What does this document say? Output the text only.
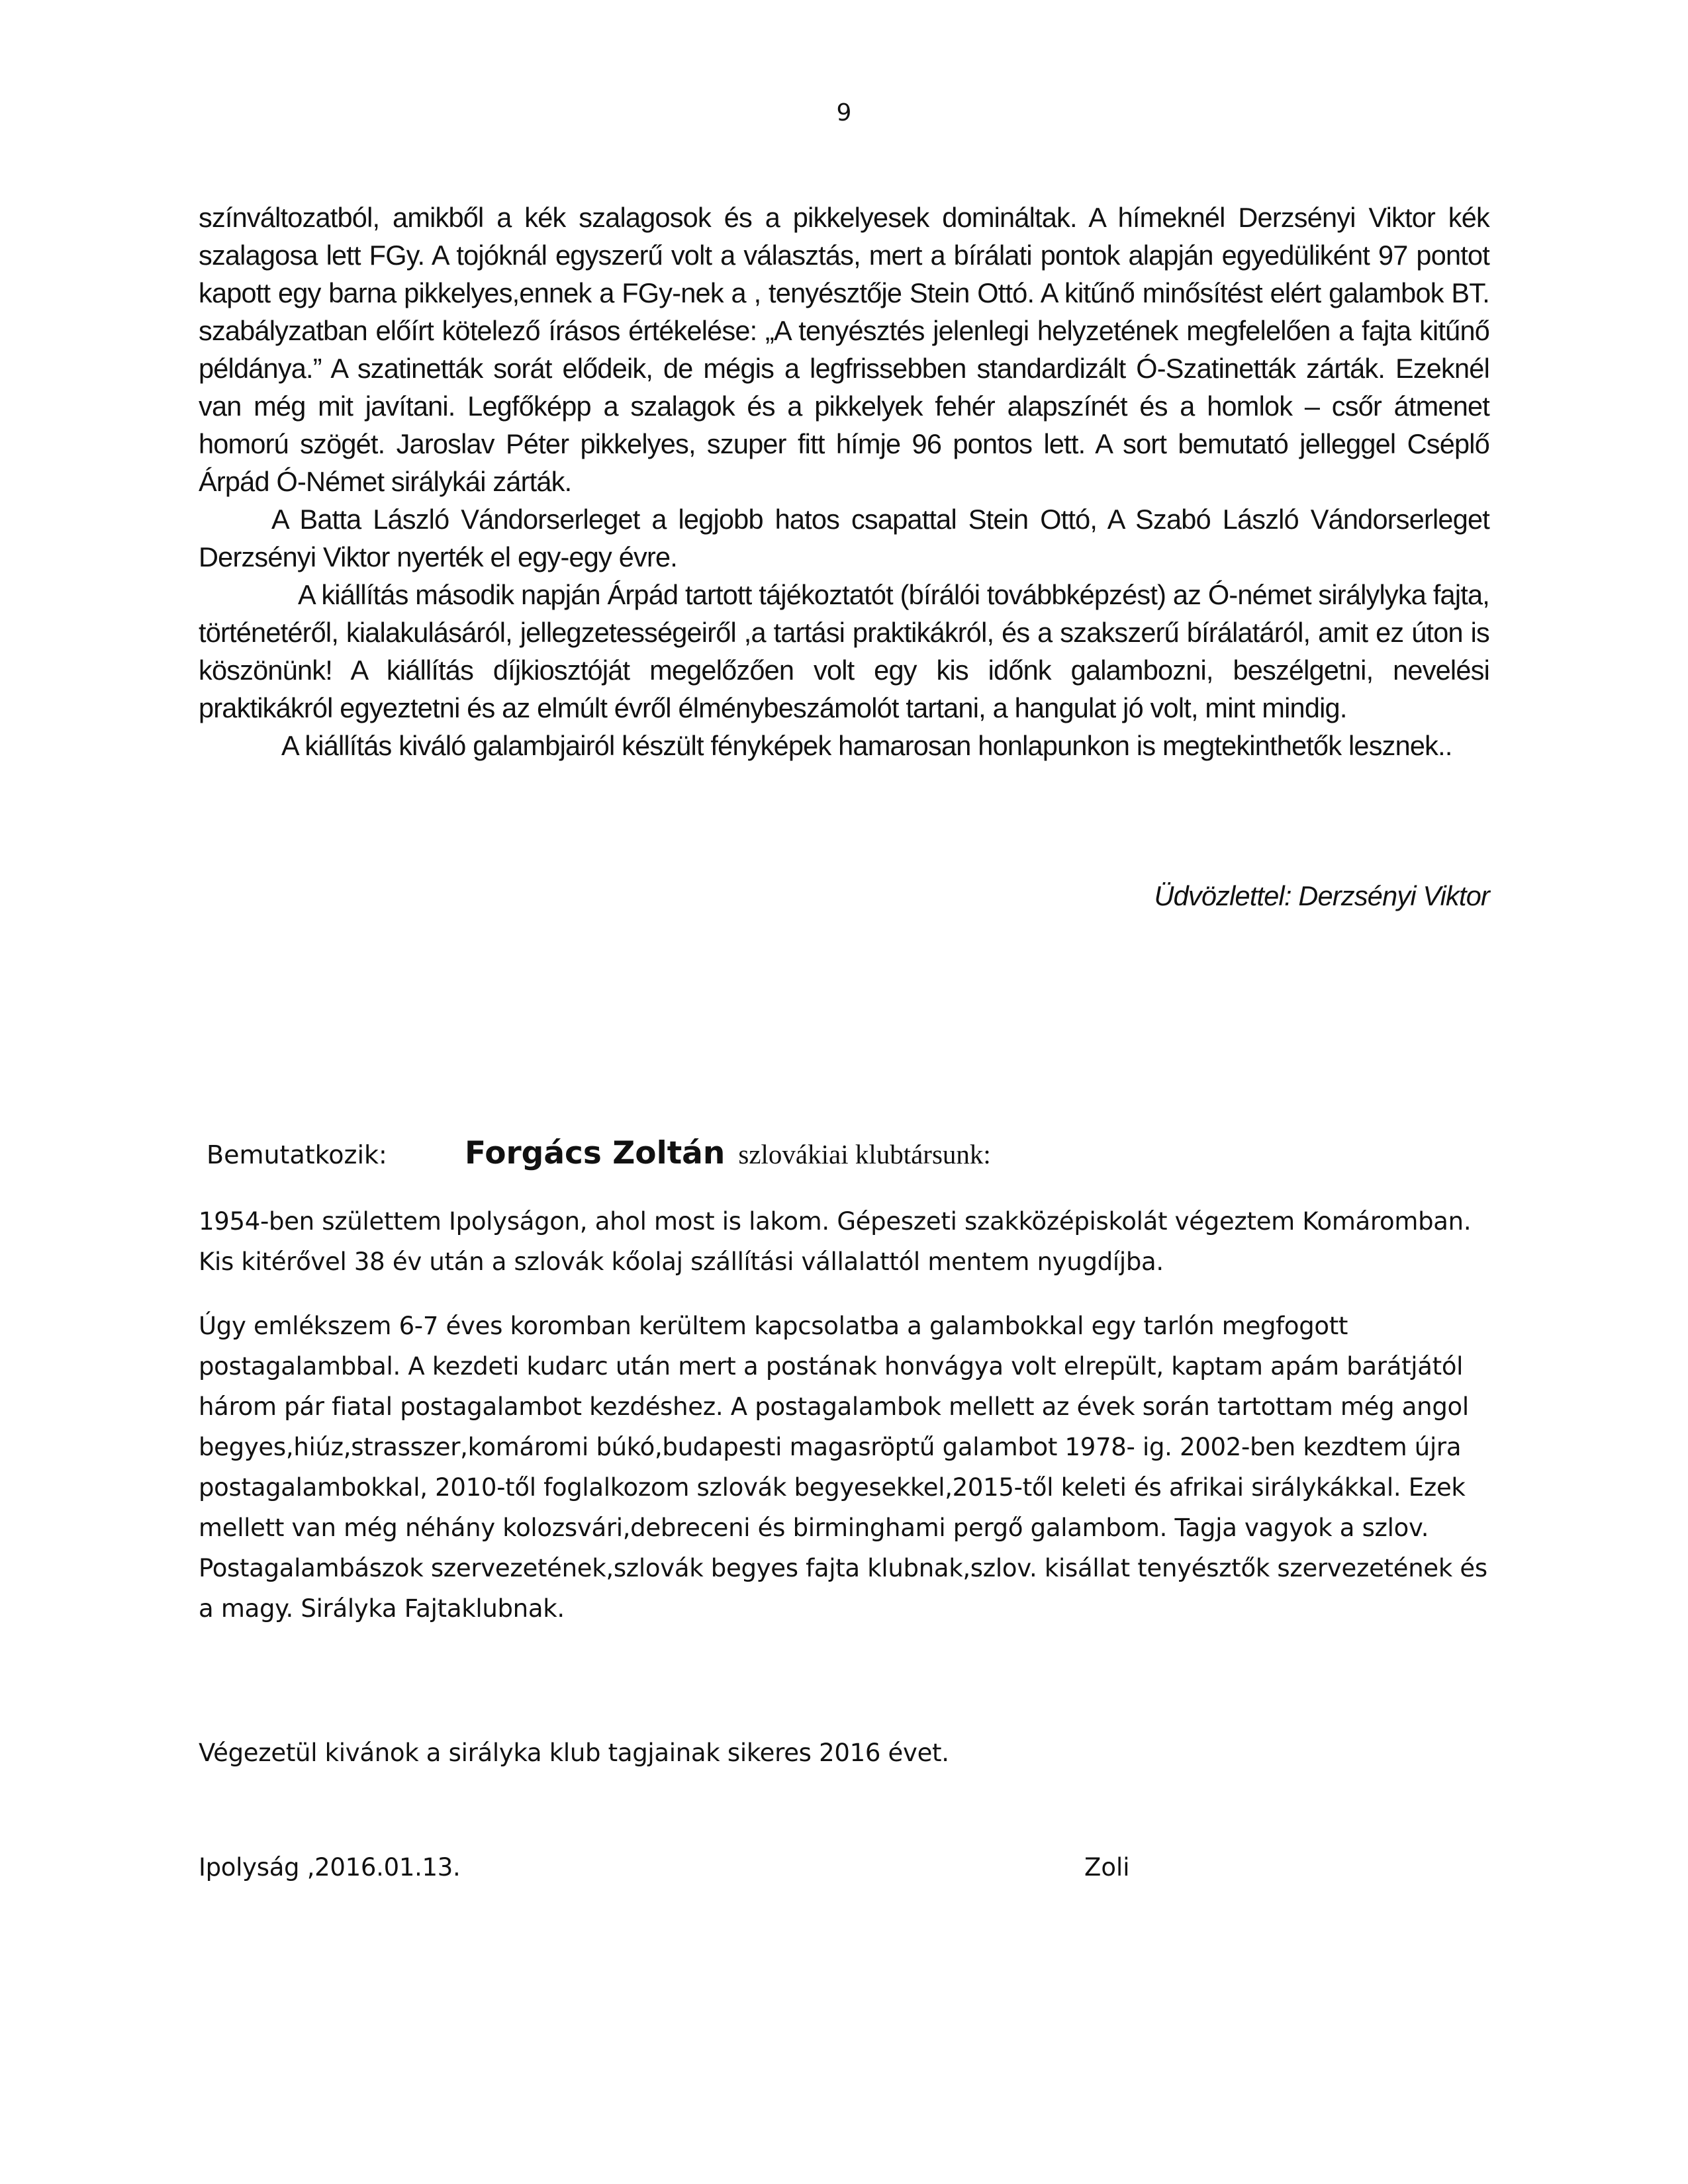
9

színváltozatból, amikből a kék szalagosok és a pikkelyesek domináltak. A hímeknél Derzsényi Viktor kék szalagosa lett FGy. A tojóknál egyszerű volt a választás, mert a bírálati pontok alapján egyedüliként 97 pontot kapott egy barna pikkelyes,ennek a FGy-nek a , tenyésztője Stein Ottó. A kitűnő minősítést elért galambok BT. szabályzatban előírt kötelező írásos értékelése: „A tenyésztés jelenlegi helyzetének megfelelően a fajta kitűnő példánya.” A szatinetták sorát elődeik, de mégis a legfrissebben standardizált Ó-Szatinetták zárták. Ezeknél van még mit javítani. Legfőképp a szalagok és a pikkelyek fehér alapszínét és a homlok – csőr átmenet homorú szögét. Jaroslav Péter pikkelyes, szuper fitt hímje 96 pontos lett. A sort bemutató jelleggel Cséplő Árpád Ó-Német sirálykái zárták.

A Batta László Vándorserleget a legjobb hatos csapattal Stein Ottó, A Szabó László Vándorserleget Derzsényi Viktor nyerték el egy-egy évre.

A kiállítás második napján Árpád tartott tájékoztatót (bírálói továbbképzést) az Ó-német sirálylyka fajta, történetéről, kialakulásáról, jellegzetességeiről ,a tartási praktikákról, és a szakszerű bírálatáról, amit ez úton is köszönünk! A kiállítás díjkiosztóját megelőzően volt egy kis időnk galambozni, beszélgetni, nevelési praktikákról egyeztetni és az elmúlt évről élménybeszámolót tartani, a hangulat jó volt, mint mindig.

A kiállítás kiváló galambjairól készült fényképek hamarosan honlapunkon is megtekinthetők lesznek..

Üdvözlettel: Derzsényi Viktor
Bemutatkozik: Forgács Zoltán szlovákiai klubtársunk:

1954-ben születtem Ipolyságon, ahol most is lakom. Gépeszeti szakközépiskolát végeztem Komáromban. Kis kitérővel 38 év után a szlovák kőolaj szállítási vállalattól mentem nyugdíjba.

Úgy emlékszem 6-7 éves koromban kerültem kapcsolatba a galambokkal egy tarlón megfogott postagalambbal. A kezdeti kudarc után mert a postának honvágya volt elrepült, kaptam apám barátjától három pár fiatal postagalambot kezdéshez. A postagalambok mellett az évek során tartottam még angol begyes,hiúz,strasszer,komáromi búkó,budapesti magasröptű galambot 1978- ig. 2002-ben kezdtem újra postagalambokkal, 2010-től foglalkozom szlovák begyesekkel,2015-től keleti és afrikai sirálykákkal. Ezek mellett van még néhány kolozsvári,debreceni és birminghami pergő galambom. Tagja vagyok a szlov. Postagalambászok szervezetének,szlovák begyes fajta klubnak,szlov. kisállat tenyésztők szervezetének és a magy. Sirályka Fajtaklubnak.

Végezetül kivánok a sirályka klub tagjainak sikeres 2016 évet.
Ipolyság ,2016.01.13.	Zoli
